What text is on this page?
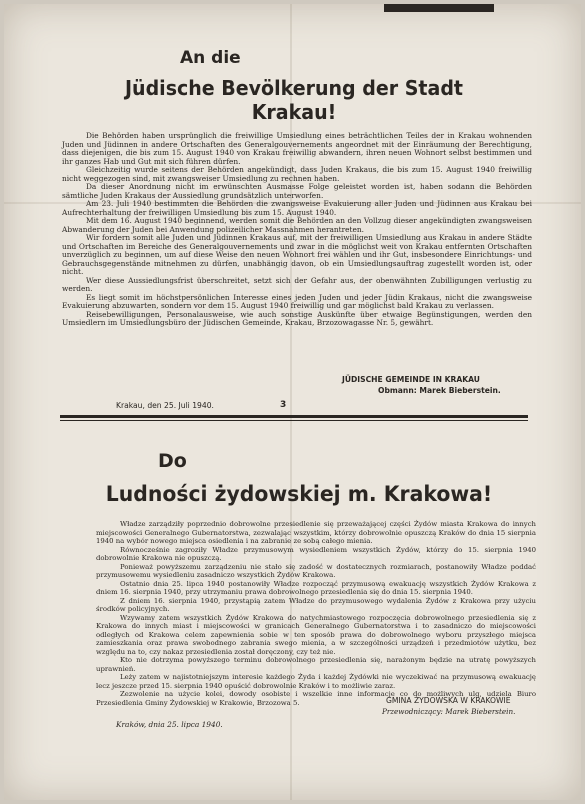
An die
Jüdische Bevölkerung der Stadt Krakau!

Die Behörden haben ursprünglich die freiwillige Umsiedlung eines beträchtlichen Teiles der in Krakau wohnenden Juden und Jüdinnen in andere Ortschaften des Generalgouvernements angeordnet mit der Einräumung der Berechtigung, dass diejenigen, die bis zum 15. August 1940 von Krakau freiwillig abwandern, ihren neuen Wohnort selbst bestimmen und ihr ganzes Hab und Gut mit sich führen dürfen.

Gleichzeitig wurde seitens der Behörden angekündigt, dass Juden Krakaus, die bis zum 15. August 1940 freiwillig nicht weggezogen sind, mit zwangsweiser Umsiedlung zu rechnen haben.

Da dieser Anordnung nicht im erwünschten Ausmasse Folge geleistet worden ist, haben sodann die Behörden sämtliche Juden Krakaus der Aussiedlung grundsätzlich unterworfen.

Am 23. Juli 1940 bestimmten die Behörden die zwangsweise Evakuierung aller Juden und Jüdinnen aus Krakau bei Aufrechterhaltung der freiwilligen Umsiedlung bis zum 15. August 1940.

Mit dem 16. August 1940 beginnend, werden somit die Behörden an den Vollzug dieser angekündigten zwangsweisen Abwanderung der Juden bei Anwendung polizeilicher Massnahmen herantreten.

Wir fordern somit alle Juden und Jüdinnen Krakaus auf, mit der freiwilligen Umsiedlung aus Krakau in andere Städte und Ortschaften im Bereiche des Generalgouvernements und zwar in die möglichst weit von Krakau entfernten Ortschaften unverzüglich zu beginnen, um auf diese Weise den neuen Wohnort frei wählen und ihr Gut, insbesondere Einrichtungs- und Gebrauchsgegenstände mitnehmen zu dürfen, unabhängig davon, ob ein Umsiedlungsauftrag zugestellt worden ist, oder nicht.

Wer diese Aussiedlungsfrist überschreitet, setzt sich der Gefahr aus, der obenwähnten Zubilligungen verlustig zu werden.

Es liegt somit im höchstpersönlichen Interesse eines jeden Juden und jeder Jüdin Krakaus, nicht die zwangsweise Evakuierung abzuwarten, sondern vor dem 15. August 1940 freiwillig und gar möglichst bald Krakau zu verlassen.

Reisebewilligungen, Personalausweise, wie auch sonstige Auskünfte über etwaige Begünstigungen, werden den Umsiedlern im Umsiedlungsbüro der Jüdischen Gemeinde, Krakau, Brzozowagasse Nr. 5, gewährt.

JÜDISCHE GEMEINDE IN KRAKAU
Obmann: Marek Bieberstein.
Krakau, den 25. Juli 1940.	3
Do
Ludności żydowskiej m. Krakowa!

Władze zarządziły poprzednio dobrowolne przesiedlenie się przeważającej części Żydów miasta Krakowa do innych miejscowości Generalnego Gubernatorstwa, zezwalając wszystkim, którzy dobrowolnie opuszczą Kraków do dnia 15 sierpnia 1940 na wybór nowego miejsca osiedlenia i na zabranie ze sobą całego mienia.

Równocześnie zagroziły Władze przymusowym wysiedleniem wszystkich Żydów, którzy do 15. sierpnia 1940 dobrowolnie Krakowa nie opuszczą.

Ponieważ powyższemu zarządzeniu nie stało się zadość w dostatecznych rozmiarach, postanowiły Władze poddać przymusowemu wysiedleniu zasadniczo wszystkich Żydów Krakowa.

Ostatnio dnia 25. lipca 1940 postanowiły Władze rozpocząć przymusową ewakuację wszystkich Żydów Krakowa z dniem 16. sierpnia 1940, przy utrzymaniu prawa dobrowolnego przesiedlenia się do dnia 15. sierpnia 1940.

Z dniem 16. sierpnia 1940, przystąpią zatem Władze do przymusowego wydalenia Żydów z Krakowa przy użyciu środków policyjnych.

Wzywamy zatem wszystkich Żydów Krakowa do natychmiastowego rozpoczęcia dobrowolnego przesiedlenia się z Krakowa do innych miast i miejscowości w granicach Generalnego Gubernatorstwa i to zasadniczo do miejscowości odległych od Krakowa celem zapewnienia sobie w ten sposób prawa do dobrowolnego wyboru przyszłego miejsca zamieszkania oraz prawa swobodnego zabrania swego mienia, a w szczególności urządzeń i przedmiotów użytku, bez względu na to, czy nakaz przesiedlenia został doręczony, czy też nie.

Kto nie dotrzyma powyższego terminu dobrowolnego przesiedlenia się, narażonym będzie na utratę powyższych uprawnień.

Leży zatem w najistotniejszym interesie każdego Żyda i każdej Żydówki nie wyczekiwać na przymusową ewakuację lecz jeszcze przed 15. sierpnia 1940 opuścić dobrowolnie Kraków i to możliwie zaraz.

Zezwolenie na użycie kolei, dowody osobiste i wszelkie inne informacje co do możliwych ulg, udziela Biuro Przesiedlenia Gminy Żydowskiej w Krakowie, Brzozowa 5.	GMINA ŻYDOWSKA W KRAKOWIE
Przewodniczący: Marek Bieberstein.
Kraków, dnia 25. lipca 1940.
